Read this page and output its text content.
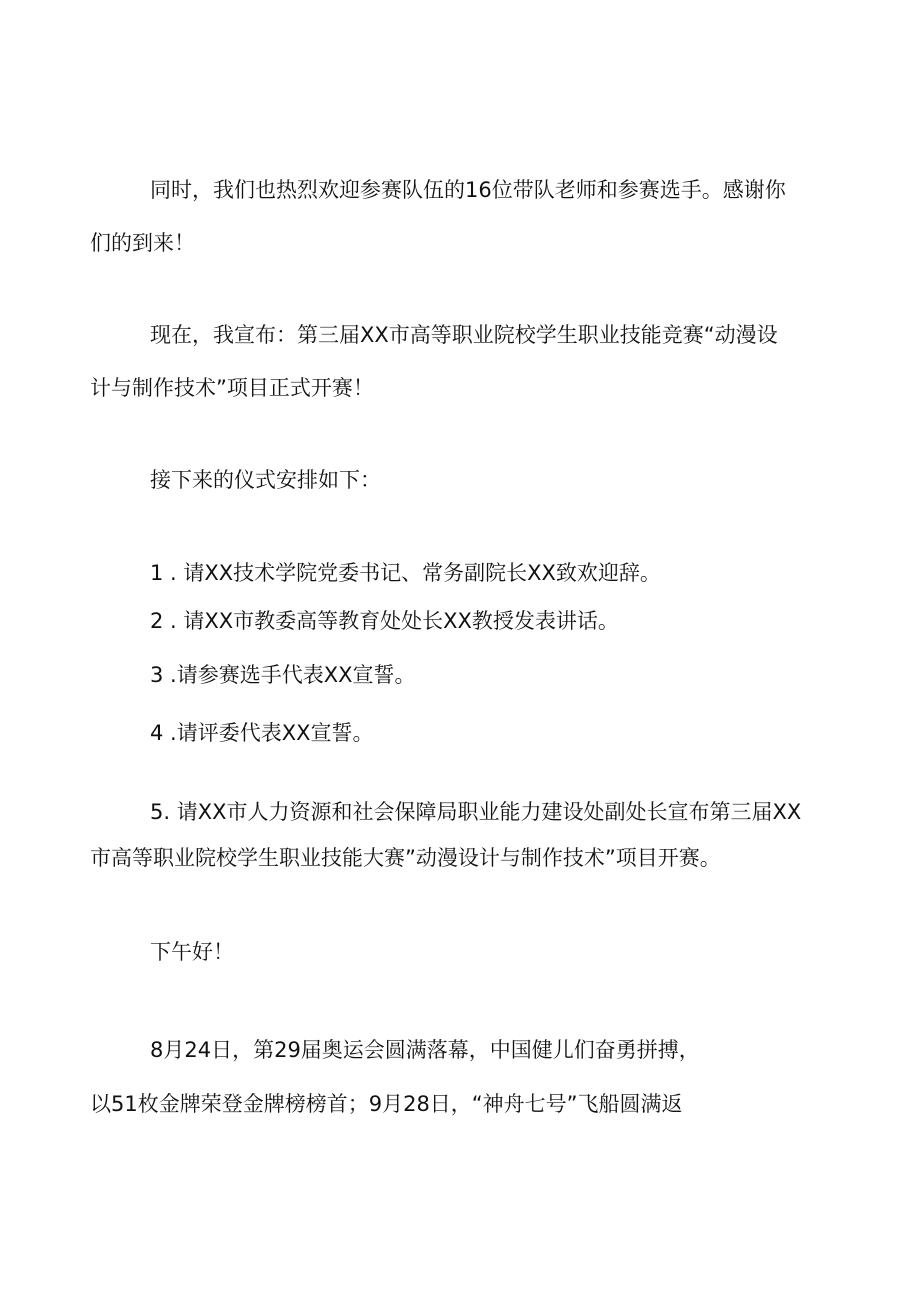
同时，我们也热烈欢迎参赛队伍的16位带队老师和参赛选手。感谢你

们的到来！

现在，我宣布：第三届XX市高等职业院校学生职业技能竞赛“动漫设

计与制作技术”项目正式开赛！

接下来的仪式安排如下：

1 . 请XX技术学院党委书记、常务副院长XX致欢迎辞。

2 . 请XX市教委高等教育处处长XX教授发表讲话。

3 .请参赛选手代表XX宣誓。

4 .请评委代表XX宣誓。

5. 请XX市人力资源和社会保障局职业能力建设处副处长宣布第三届XX

市高等职业院校学生职业技能大赛”动漫设计与制作技术”项目开赛。

下午好！

8月24日，第29届奥运会圆满落幕，中国健儿们奋勇拼搏，

以51枚金牌荣登金牌榜榜首；9月28日，“神舟七号”飞船圆满返
